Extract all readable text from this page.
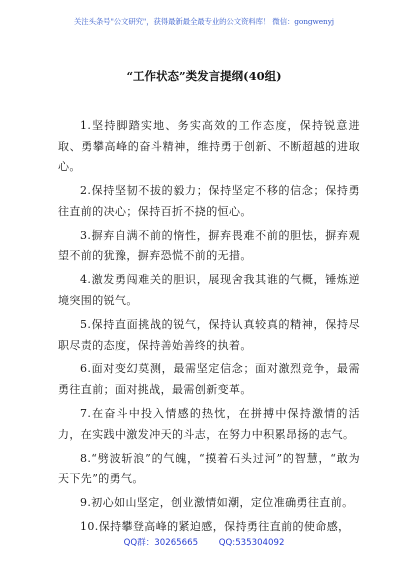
关注头条号"公文研究"，获得最新最全最专业的公文资料库！ 微信：gongwenyj
“工作状态”类发言提纲(40组)

1.坚持脚踏实地、务实高效的工作态度，保持锐意进取、勇攀高峰的奋斗精神，维持勇于创新、不断超越的进取心。

2.保持坚韧不拔的毅力；保持坚定不移的信念；保持勇往直前的决心；保持百折不挠的恒心。

3.摒弃自满不前的惰性，摒弃畏难不前的胆怯，摒弃观望不前的犹豫，摒弃恐慌不前的无措。

4.激发勇闯难关的胆识，展现舍我其谁的气概，锤炼逆境突围的锐气。

5.保持直面挑战的锐气，保持认真较真的精神，保持尽职尽责的态度，保持善始善终的执着。

6.面对变幻莫测，最需坚定信念；面对激烈竞争，最需勇往直前；面对挑战，最需创新变革。

7.在奋斗中投入情感的热忱，在拼搏中保持激情的活力，在实践中激发冲天的斗志，在努力中积累昂扬的志气。

8.“劈波斩浪”的气魄，“摸着石头过河”的智慧，“敢为天下先”的勇气。

9.初心如山坚定，创业激情如潮，定位准确勇往直前。

10.保持攀登高峰的紧迫感，保持勇往直前的使命感，

QQ群：30265665 QQ:535304092
